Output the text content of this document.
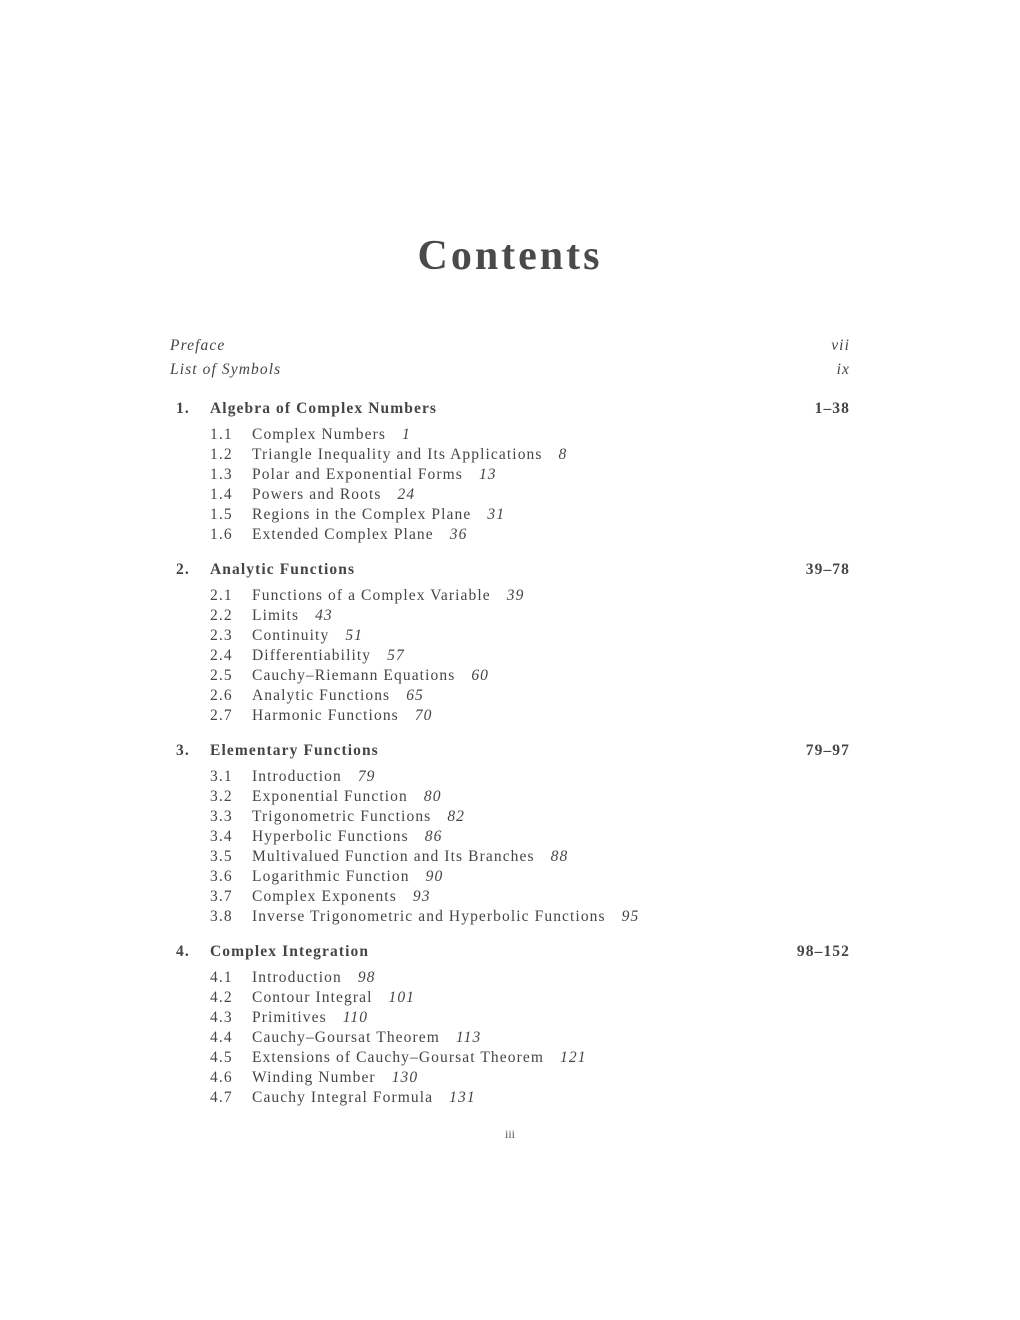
Contents
Preface	vii
List of Symbols	ix
1.	Algebra of Complex Numbers	1–38
1.1	Complex Numbers 1
1.2	Triangle Inequality and Its Applications 8
1.3	Polar and Exponential Forms 13
1.4	Powers and Roots 24
1.5	Regions in the Complex Plane 31
1.6	Extended Complex Plane 36
2.	Analytic Functions	39–78
2.1	Functions of a Complex Variable 39
2.2	Limits 43
2.3	Continuity 51
2.4	Differentiability 57
2.5	Cauchy–Riemann Equations 60
2.6	Analytic Functions 65
2.7	Harmonic Functions 70
3.	Elementary Functions	79–97
3.1	Introduction 79
3.2	Exponential Function 80
3.3	Trigonometric Functions 82
3.4	Hyperbolic Functions 86
3.5	Multivalued Function and Its Branches 88
3.6	Logarithmic Function 90
3.7	Complex Exponents 93
3.8	Inverse Trigonometric and Hyperbolic Functions 95
4.	Complex Integration	98–152
4.1	Introduction 98
4.2	Contour Integral 101
4.3	Primitives 110
4.4	Cauchy–Goursat Theorem 113
4.5	Extensions of Cauchy–Goursat Theorem 121
4.6	Winding Number 130
4.7	Cauchy Integral Formula 131
iii
